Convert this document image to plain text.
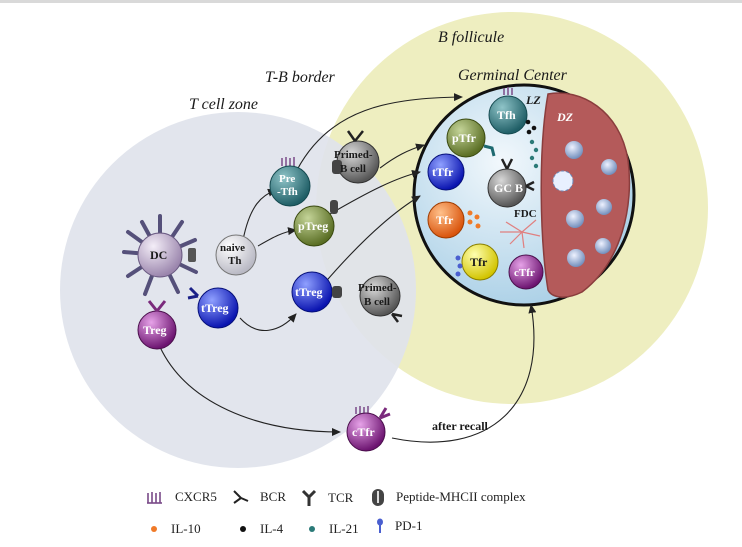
B follicule
T-B border	Germinal Center
T cell zone	LZ
DZ
DC	naive
Th
Treg
tTreg
Pre
-Tfh
Primed-
B cell
pTreg
tTreg	Primed-
B cell
Tfh
pTfr
tTfr
GC B
Tfr
Tfr
cTfr
FDC
cTfr	after recall
CXCR5	BCR	TCR	Peptide-MHCII complex
IL-10	IL-4	IL-21	PD-1
